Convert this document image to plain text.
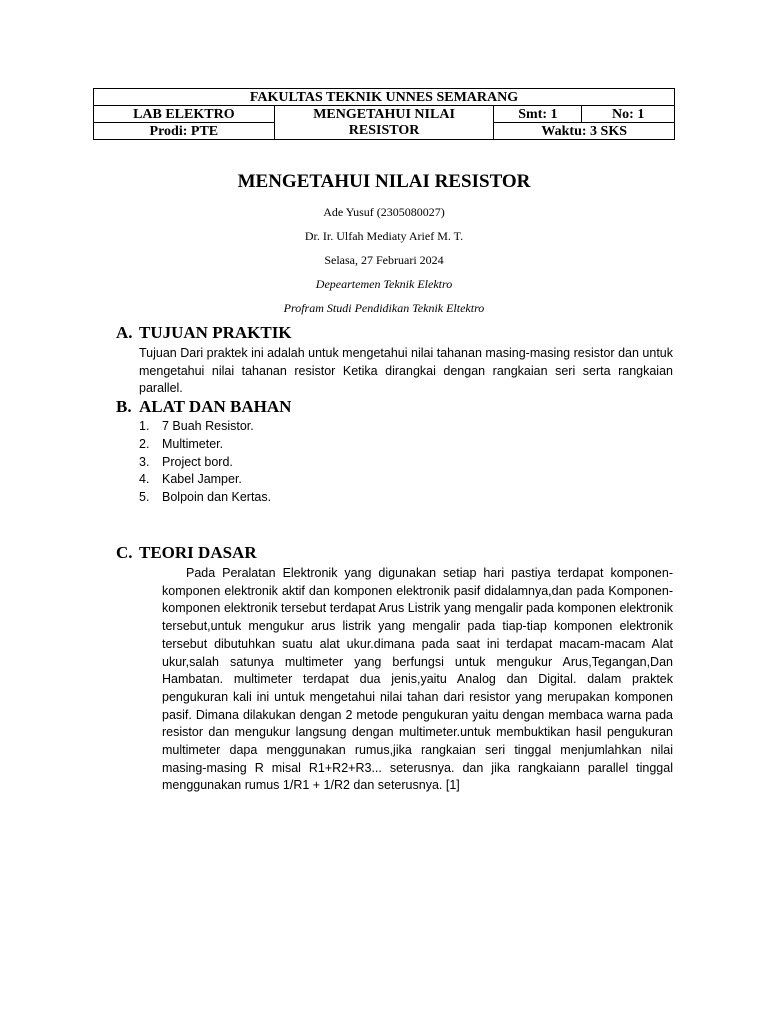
FAKULTAS TEKNIK UNNES SEMARANG			
LAB ELEKTRO	MENGETAHUI NILAI RESISTOR	Smt: 1	No: 1
Prodi: PTE		Waktu: 3 SKS	
MENGETAHUI NILAI RESISTOR
Ade Yusuf (2305080027)
Dr. Ir. Ulfah Mediaty Arief M. T.
Selasa, 27 Februari 2024
Depeartemen Teknik Elektro
Profram Studi Pendidikan Teknik Eltektro
A. TUJUAN PRAKTIK
Tujuan Dari praktek ini adalah untuk mengetahui nilai tahanan masing-masing resistor dan untuk mengetahui nilai tahanan resistor Ketika dirangkai dengan rangkaian seri serta rangkaian parallel.
B. ALAT DAN BAHAN
1. 7 Buah Resistor.
2. Multimeter.
3. Project bord.
4. Kabel Jamper.
5. Bolpoin dan Kertas.
C. TEORI DASAR
Pada Peralatan Elektronik yang digunakan setiap hari pastiya terdapat komponen-komponen elektronik aktif dan komponen elektronik pasif didalamnya,dan pada Komponen-komponen elektronik tersebut terdapat Arus Listrik yang mengalir pada komponen elektronik tersebut,untuk mengukur arus listrik yang mengalir pada tiap-tiap komponen elektronik tersebut dibutuhkan suatu alat ukur.dimana pada saat ini terdapat macam-macam Alat ukur,salah satunya multimeter yang berfungsi untuk mengukur Arus,Tegangan,Dan Hambatan. multimeter terdapat dua jenis,yaitu Analog dan Digital. dalam praktek pengukuran kali ini untuk mengetahui nilai tahan dari resistor yang merupakan komponen pasif. Dimana dilakukan dengan 2 metode pengukuran yaitu dengan membaca warna pada resistor dan mengukur langsung dengan multimeter.untuk membuktikan hasil pengukuran multimeter dapa menggunakan rumus,jika rangkaian seri tinggal menjumlahkan nilai masing-masing R misal R1+R2+R3... seterusnya. dan jika rangkaiann parallel tinggal menggunakan rumus 1/R1 + 1/R2 dan seterusnya. [1]
